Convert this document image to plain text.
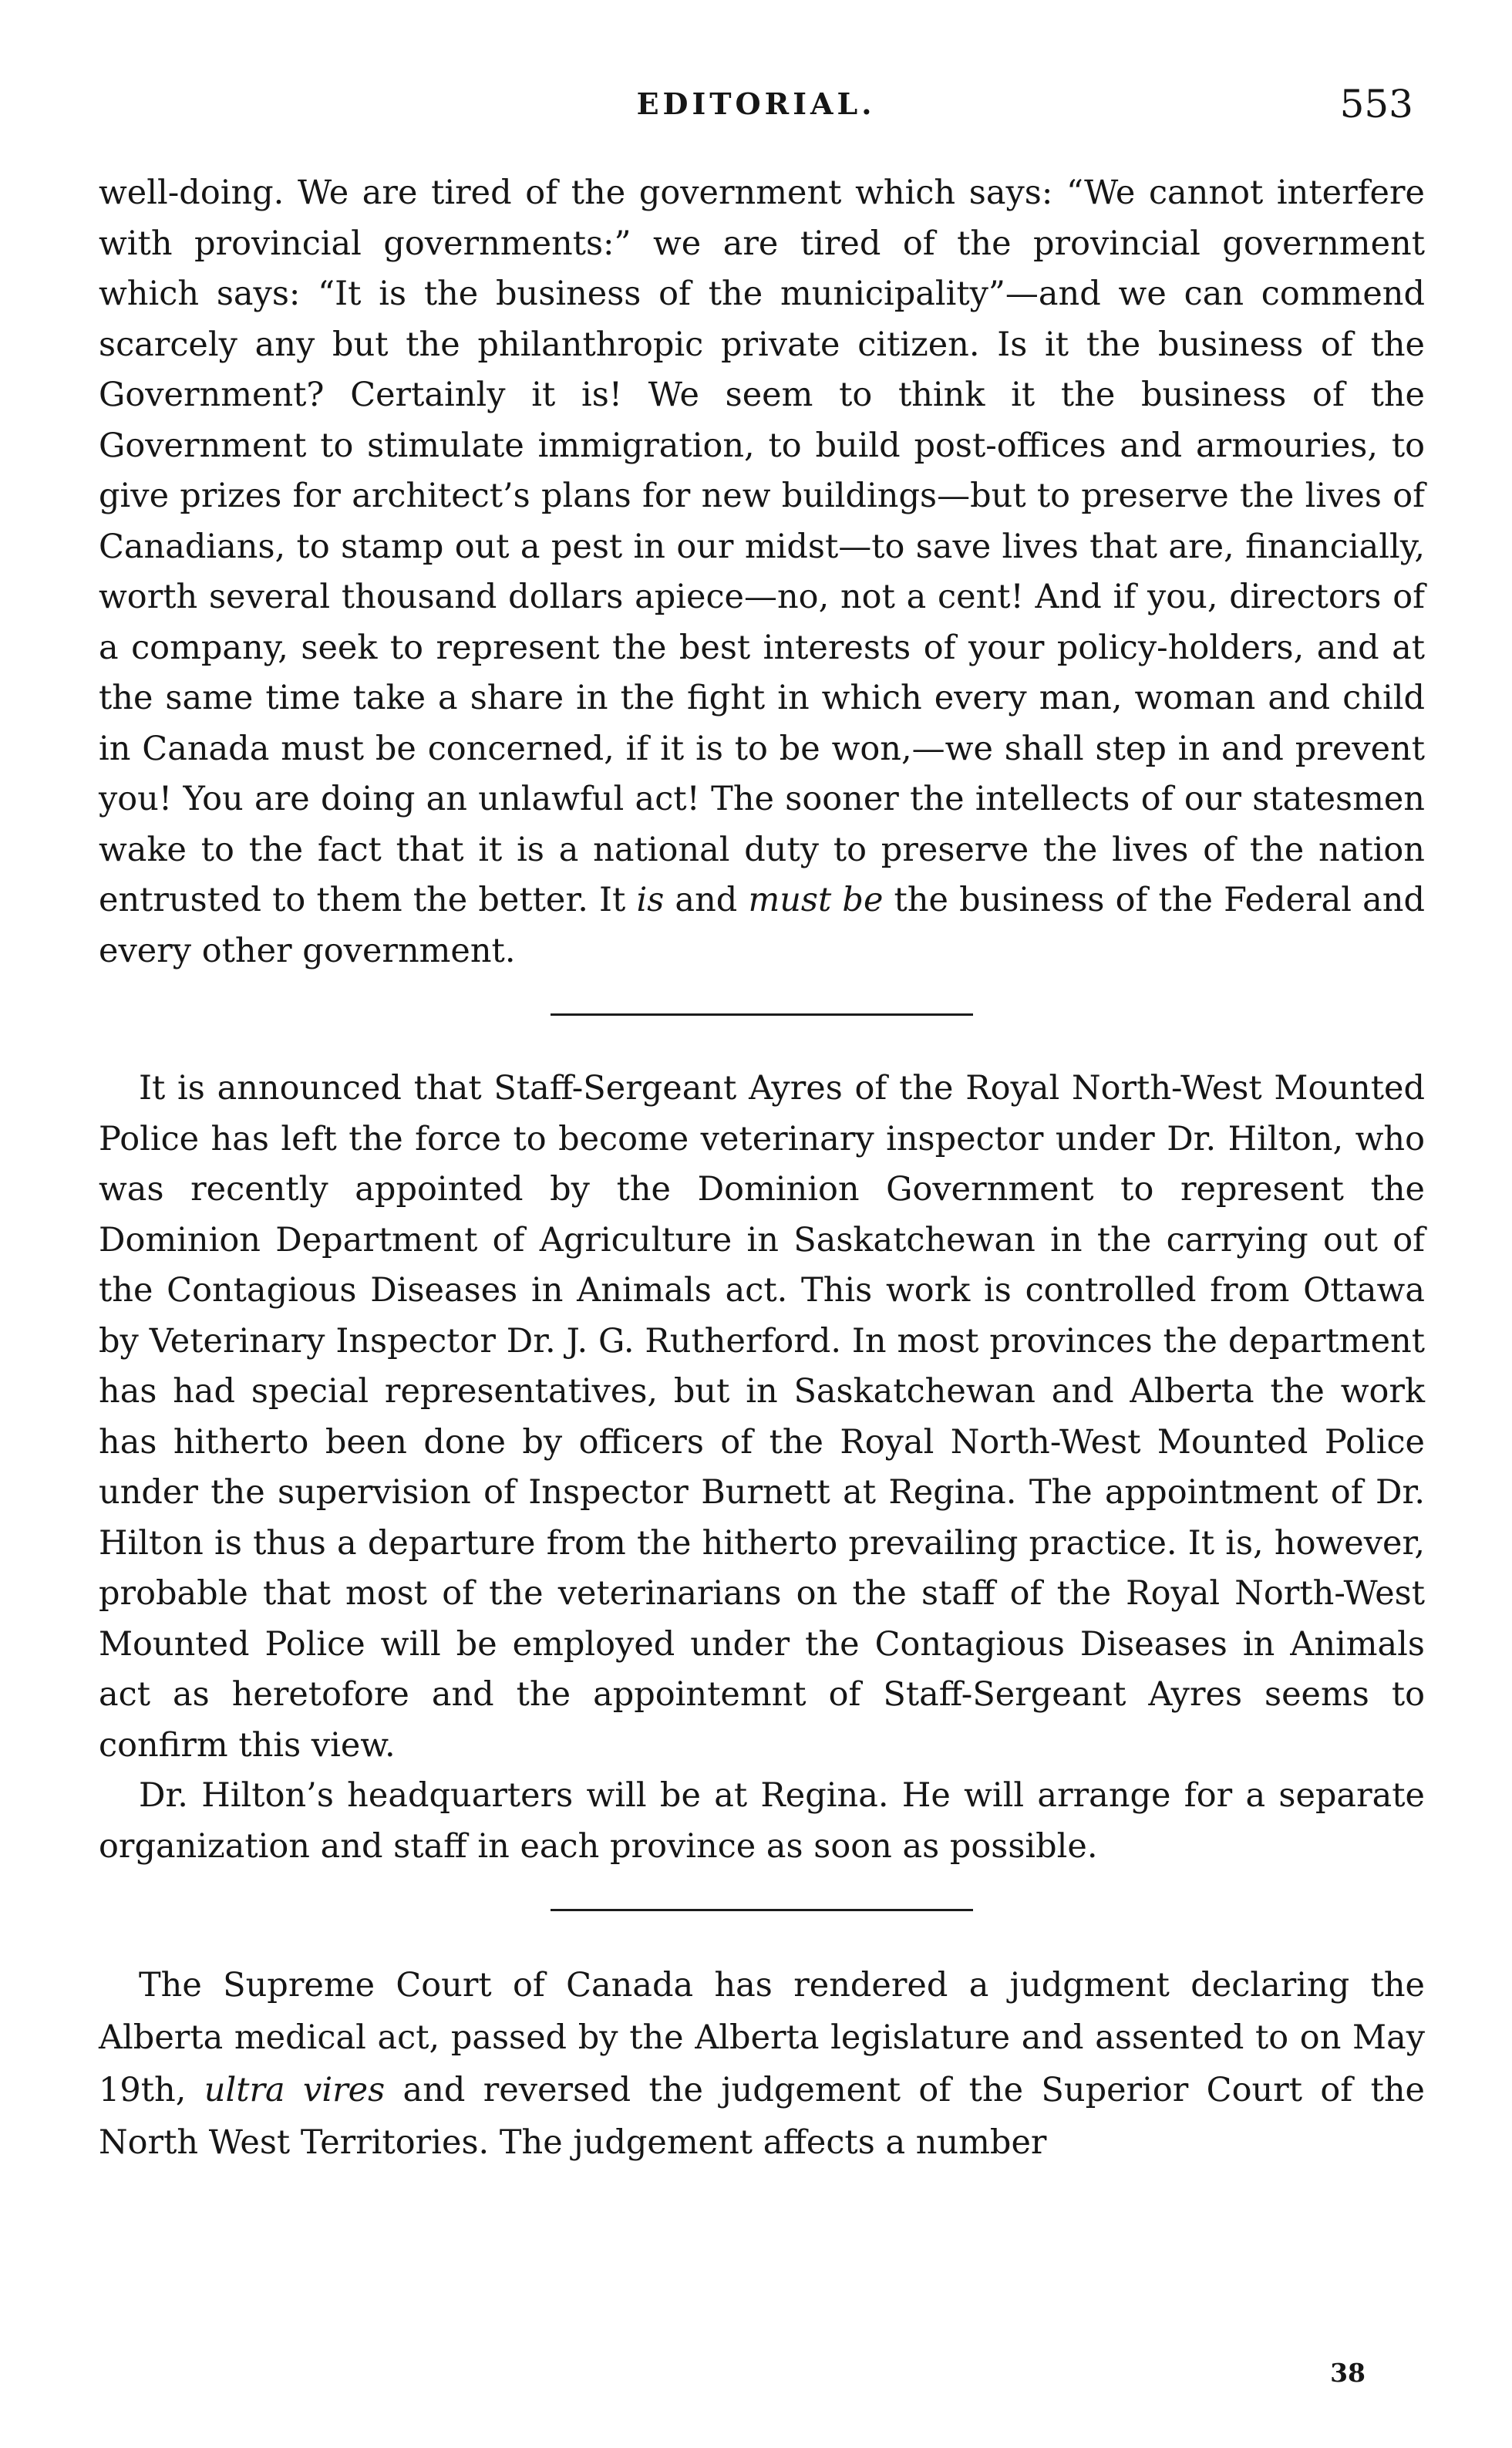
EDITORIAL.	553

well-doing. We are tired of the government which says: “We cannot interfere with provincial governments:” we are tired of the provincial government which says: “It is the business of the municipality”—and we can commend scarcely any but the philanthropic private citizen. Is it the business of the Government? Certainly it is! We seem to think it the business of the Government to stimulate immigration, to build post-offices and armouries, to give prizes for architect’s plans for new buildings—but to preserve the lives of Canadians, to stamp out a pest in our midst—to save lives that are, financially, worth several thousand dollars apiece—no, not a cent! And if you, directors of a company, seek to represent the best interests of your policy-holders, and at the same time take a share in the fight in which every man, woman and child in Canada must be concerned, if it is to be won,—we shall step in and prevent you! You are doing an unlawful act! The sooner the intellects of our statesmen wake to the fact that it is a national duty to preserve the lives of the nation entrusted to them the better. It is and must be the business of the Federal and every other government.

It is announced that Staff-Sergeant Ayres of the Royal North-West Mounted Police has left the force to become veterinary inspector under Dr. Hilton, who was recently appointed by the Dominion Government to represent the Dominion Department of Agriculture in Saskatchewan in the carrying out of the Contagious Diseases in Animals act. This work is controlled from Ottawa by Veterinary Inspector Dr. J. G. Rutherford. In most provinces the department has had special representatives, but in Saskatchewan and Alberta the work has hitherto been done by officers of the Royal North-West Mounted Police under the supervision of Inspector Burnett at Regina. The appointment of Dr. Hilton is thus a departure from the hitherto prevailing practice. It is, however, probable that most of the veterinarians on the staff of the Royal North-West Mounted Police will be employed under the Contagious Diseases in Animals act as heretofore and the appointemnt of Staff-Sergeant Ayres seems to confirm this view.

Dr. Hilton’s headquarters will be at Regina. He will arrange for a separate organization and staff in each province as soon as possible.

The Supreme Court of Canada has rendered a judgment declaring the Alberta medical act, passed by the Alberta legislature and assented to on May 19th, ultra vires and reversed the judgement of the Superior Court of the North West Territories. The judgement affects a number

38
